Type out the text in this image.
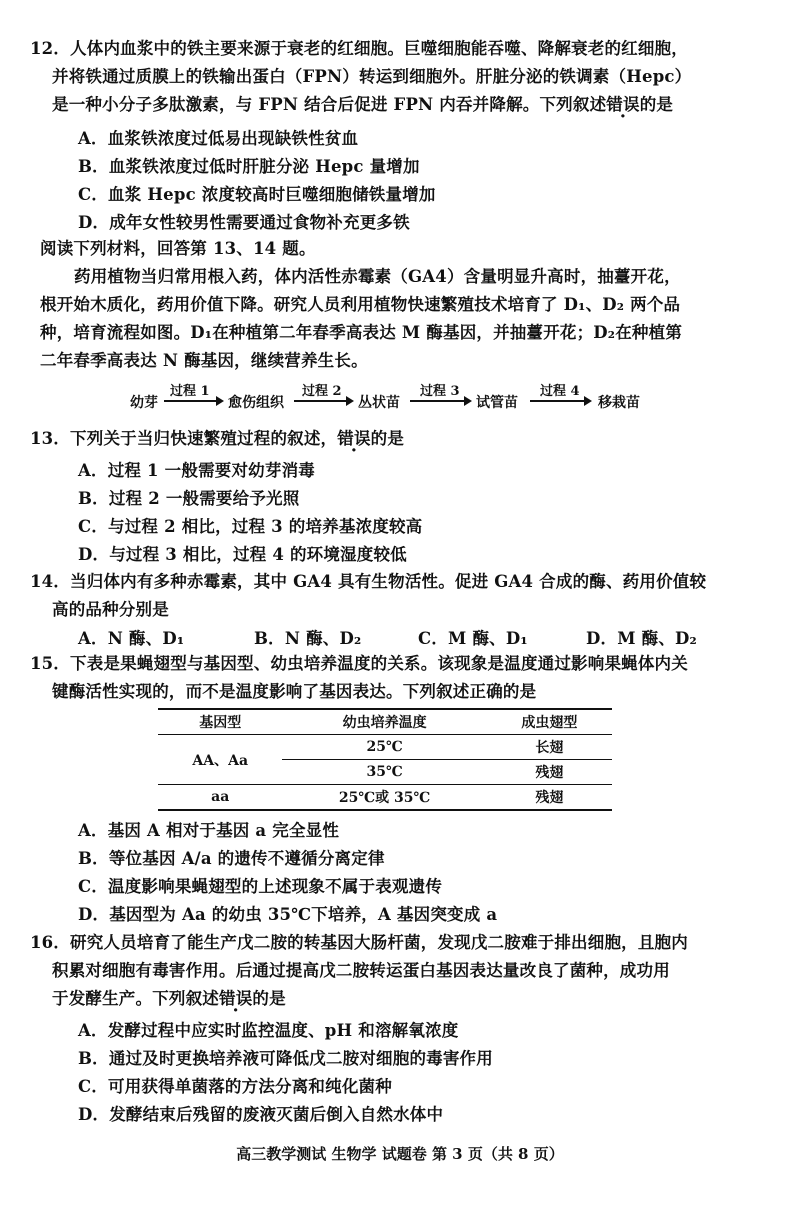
12．人体内血浆中的铁主要来源于衰老的红细胞。巨噬细胞能吞噬、降解衰老的红细胞，
并将铁通过质膜上的铁输出蛋白（FPN）转运到细胞外。肝脏分泌的铁调素（Hepc）
是一种小分子多肽激素，与 FPN 结合后促进 FPN 内吞并降解。下列叙述错误的是
A．血浆铁浓度过低易出现缺铁性贫血
B．血浆铁浓度过低时肝脏分泌 Hepc 量增加
C．血浆 Hepc 浓度较高时巨噬细胞储铁量增加
D．成年女性较男性需要通过食物补充更多铁
阅读下列材料，回答第 13、14 题。
药用植物当归常用根入药，体内活性赤霉素（GA4）含量明显升高时，抽薹开花，
根开始木质化，药用价值下降。研究人员利用植物快速繁殖技术培育了 D₁、D₂ 两个品
种，培育流程如图。D₁在种植第二年春季高表达 M 酶基因，并抽薹开花；D₂在种植第
二年春季高表达 N 酶基因，继续营养生长。
幼芽
过程 1
愈伤组织
过程 2
丛状苗
过程 3
试管苗
过程 4
移栽苗
13．下列关于当归快速繁殖过程的叙述，错误的是
A．过程 1 一般需要对幼芽消毒
B．过程 2 一般需要给予光照
C．与过程 2 相比，过程 3 的培养基浓度较高
D．与过程 3 相比，过程 4 的环境湿度较低
14．当归体内有多种赤霉素，其中 GA4 具有生物活性。促进 GA4 合成的酶、药用价值较
高的品种分别是
A．N 酶、D₁	B．N 酶、D₂	C．M 酶、D₁	D．M 酶、D₂
15．下表是果蝇翅型与基因型、幼虫培养温度的关系。该现象是温度通过影响果蝇体内关
键酶活性实现的，而不是温度影响了基因表达。下列叙述正确的是
基因型	幼虫培养温度	成虫翅型
AA、Aa	25℃	长翅
	35℃	残翅
aa	25℃或 35℃	残翅
A．基因 A 相对于基因 a 完全显性
B．等位基因 A/a 的遗传不遵循分离定律
C．温度影响果蝇翅型的上述现象不属于表观遗传
D．基因型为 Aa 的幼虫 35℃下培养，A 基因突变成 a
16．研究人员培育了能生产戊二胺的转基因大肠杆菌，发现戊二胺难于排出细胞，且胞内
积累对细胞有毒害作用。后通过提高戊二胺转运蛋白基因表达量改良了菌种，成功用
于发酵生产。下列叙述错误的是
A．发酵过程中应实时监控温度、pH 和溶解氧浓度
B．通过及时更换培养液可降低戊二胺对细胞的毒害作用
C．可用获得单菌落的方法分离和纯化菌种
D．发酵结束后残留的废液灭菌后倒入自然水体中
高三教学测试 生物学 试题卷 第 3 页（共 8 页）
